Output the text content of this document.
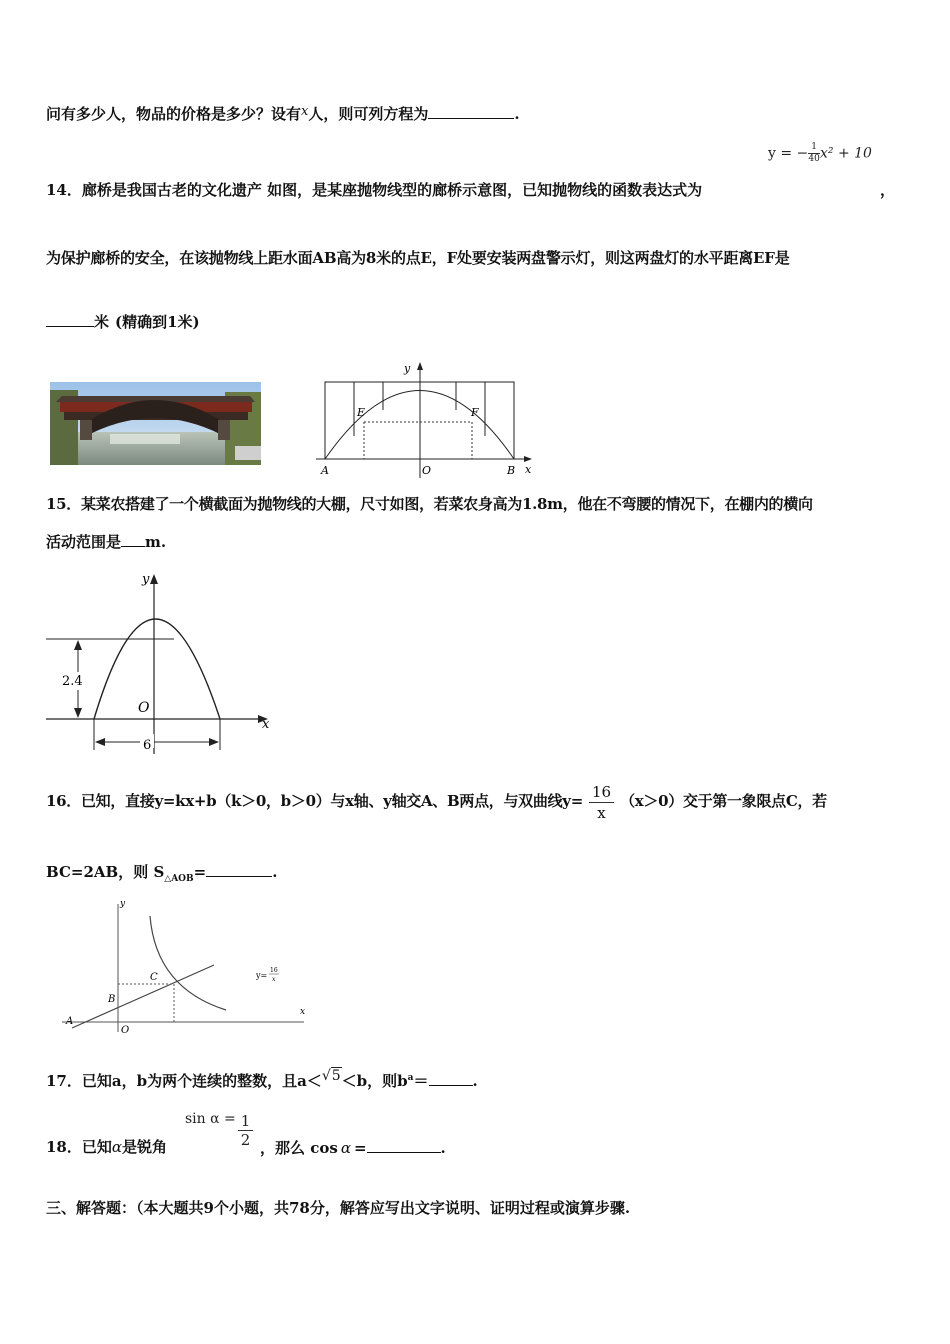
问有多少人，物品的价格是多少？设有x人，则可列方程为	.
y = − $\frac{1}{40} x^2 + 10$
14．廊桥是我国古老的文化遗产 如图，是某座抛物线型的廊桥示意图，已知抛物线的函数表达式为	，
为保护廊桥的安全，在该抛物线上距水面AB高为8米的点E，F处要安装两盘警示灯，则这两盘灯的水平距离EF是
米 (精确到1米)
y
x
A	B
O
E	F
15．某菜农搭建了一个横截面为抛物线的大棚，尺寸如图，若菜农身高为1.8m，他在不弯腰的情况下，在棚内的横向
活动范围是 m.
6
2.4
O
x
y
16．已知，直接y=kx+b（k＞0，b＞0）与x轴、y轴交A、B两点，与双曲线$y= \frac{16}{x} (x>0)$交于第一象限点C，若
BC=2AB，则 $S_{\triangle AOB}=$	.
y
x
A
B
C
O
y=
16
x
17．已知a，b为两个连续的整数，且a＜√5＜b，则$b^a=$	.
18．已知α是锐角
$\sin \alpha = \frac{1}{2}$ ，那么 cos α =	.
三、解答题：（本大题共9个小题，共78分，解答应写出文字说明、证明过程或演算步骤.
